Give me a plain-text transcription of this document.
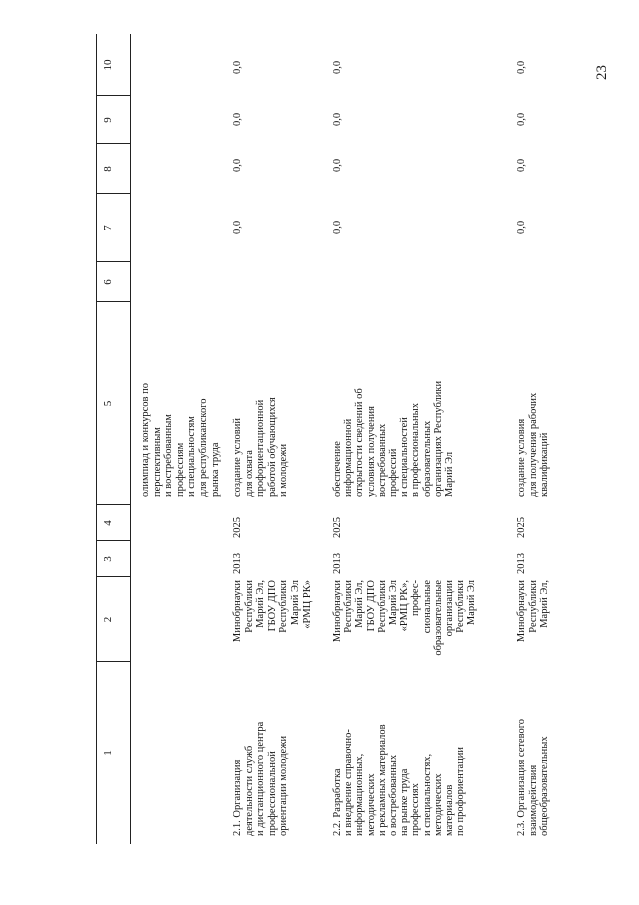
23
1
2
3
4
5
6
7
8
9
10
олимпиад и конкурсов по перспективным и востребованным профессиям и специальностям для республиканского рынка труда
2.1. Организация деятельности служб и дистанционного центра профессиональной ориентации молодежи
Минобрнауки Республики Марий Эл, ГБОУ ДПО Республики Марий Эл «РМЦ РК»
2013
2025
создание условий для охвата профориентационной работой обучающихся и молодежи
0,0
0,0
0,0
0,0
2.2. Разработка и внедрение справочно- информационных, методических и рекламных материалов о востребованных на рынке труда профессиях и специальностях, методических материалов по профориентации
Минобрнауки Республики Марий Эл, ГБОУ ДПО Республики Марий Эл «РМЦ РК», профес- сиональные образовательные организации Республики Марий Эл
2013
2025
обеспечение информационной открытости сведений об условиях получения востребованных профессий и специальностей в профессиональных образовательных организациях Республики Марий Эл
0,0
0,0
0,0
0,0
2.3. Организация сетевого взаимодействия общеобразовательных
Минобрнауки Республики Марий Эл,
2013
2025
создание условия для получения рабочих квалификаций
0,0
0,0
0,0
0,0
